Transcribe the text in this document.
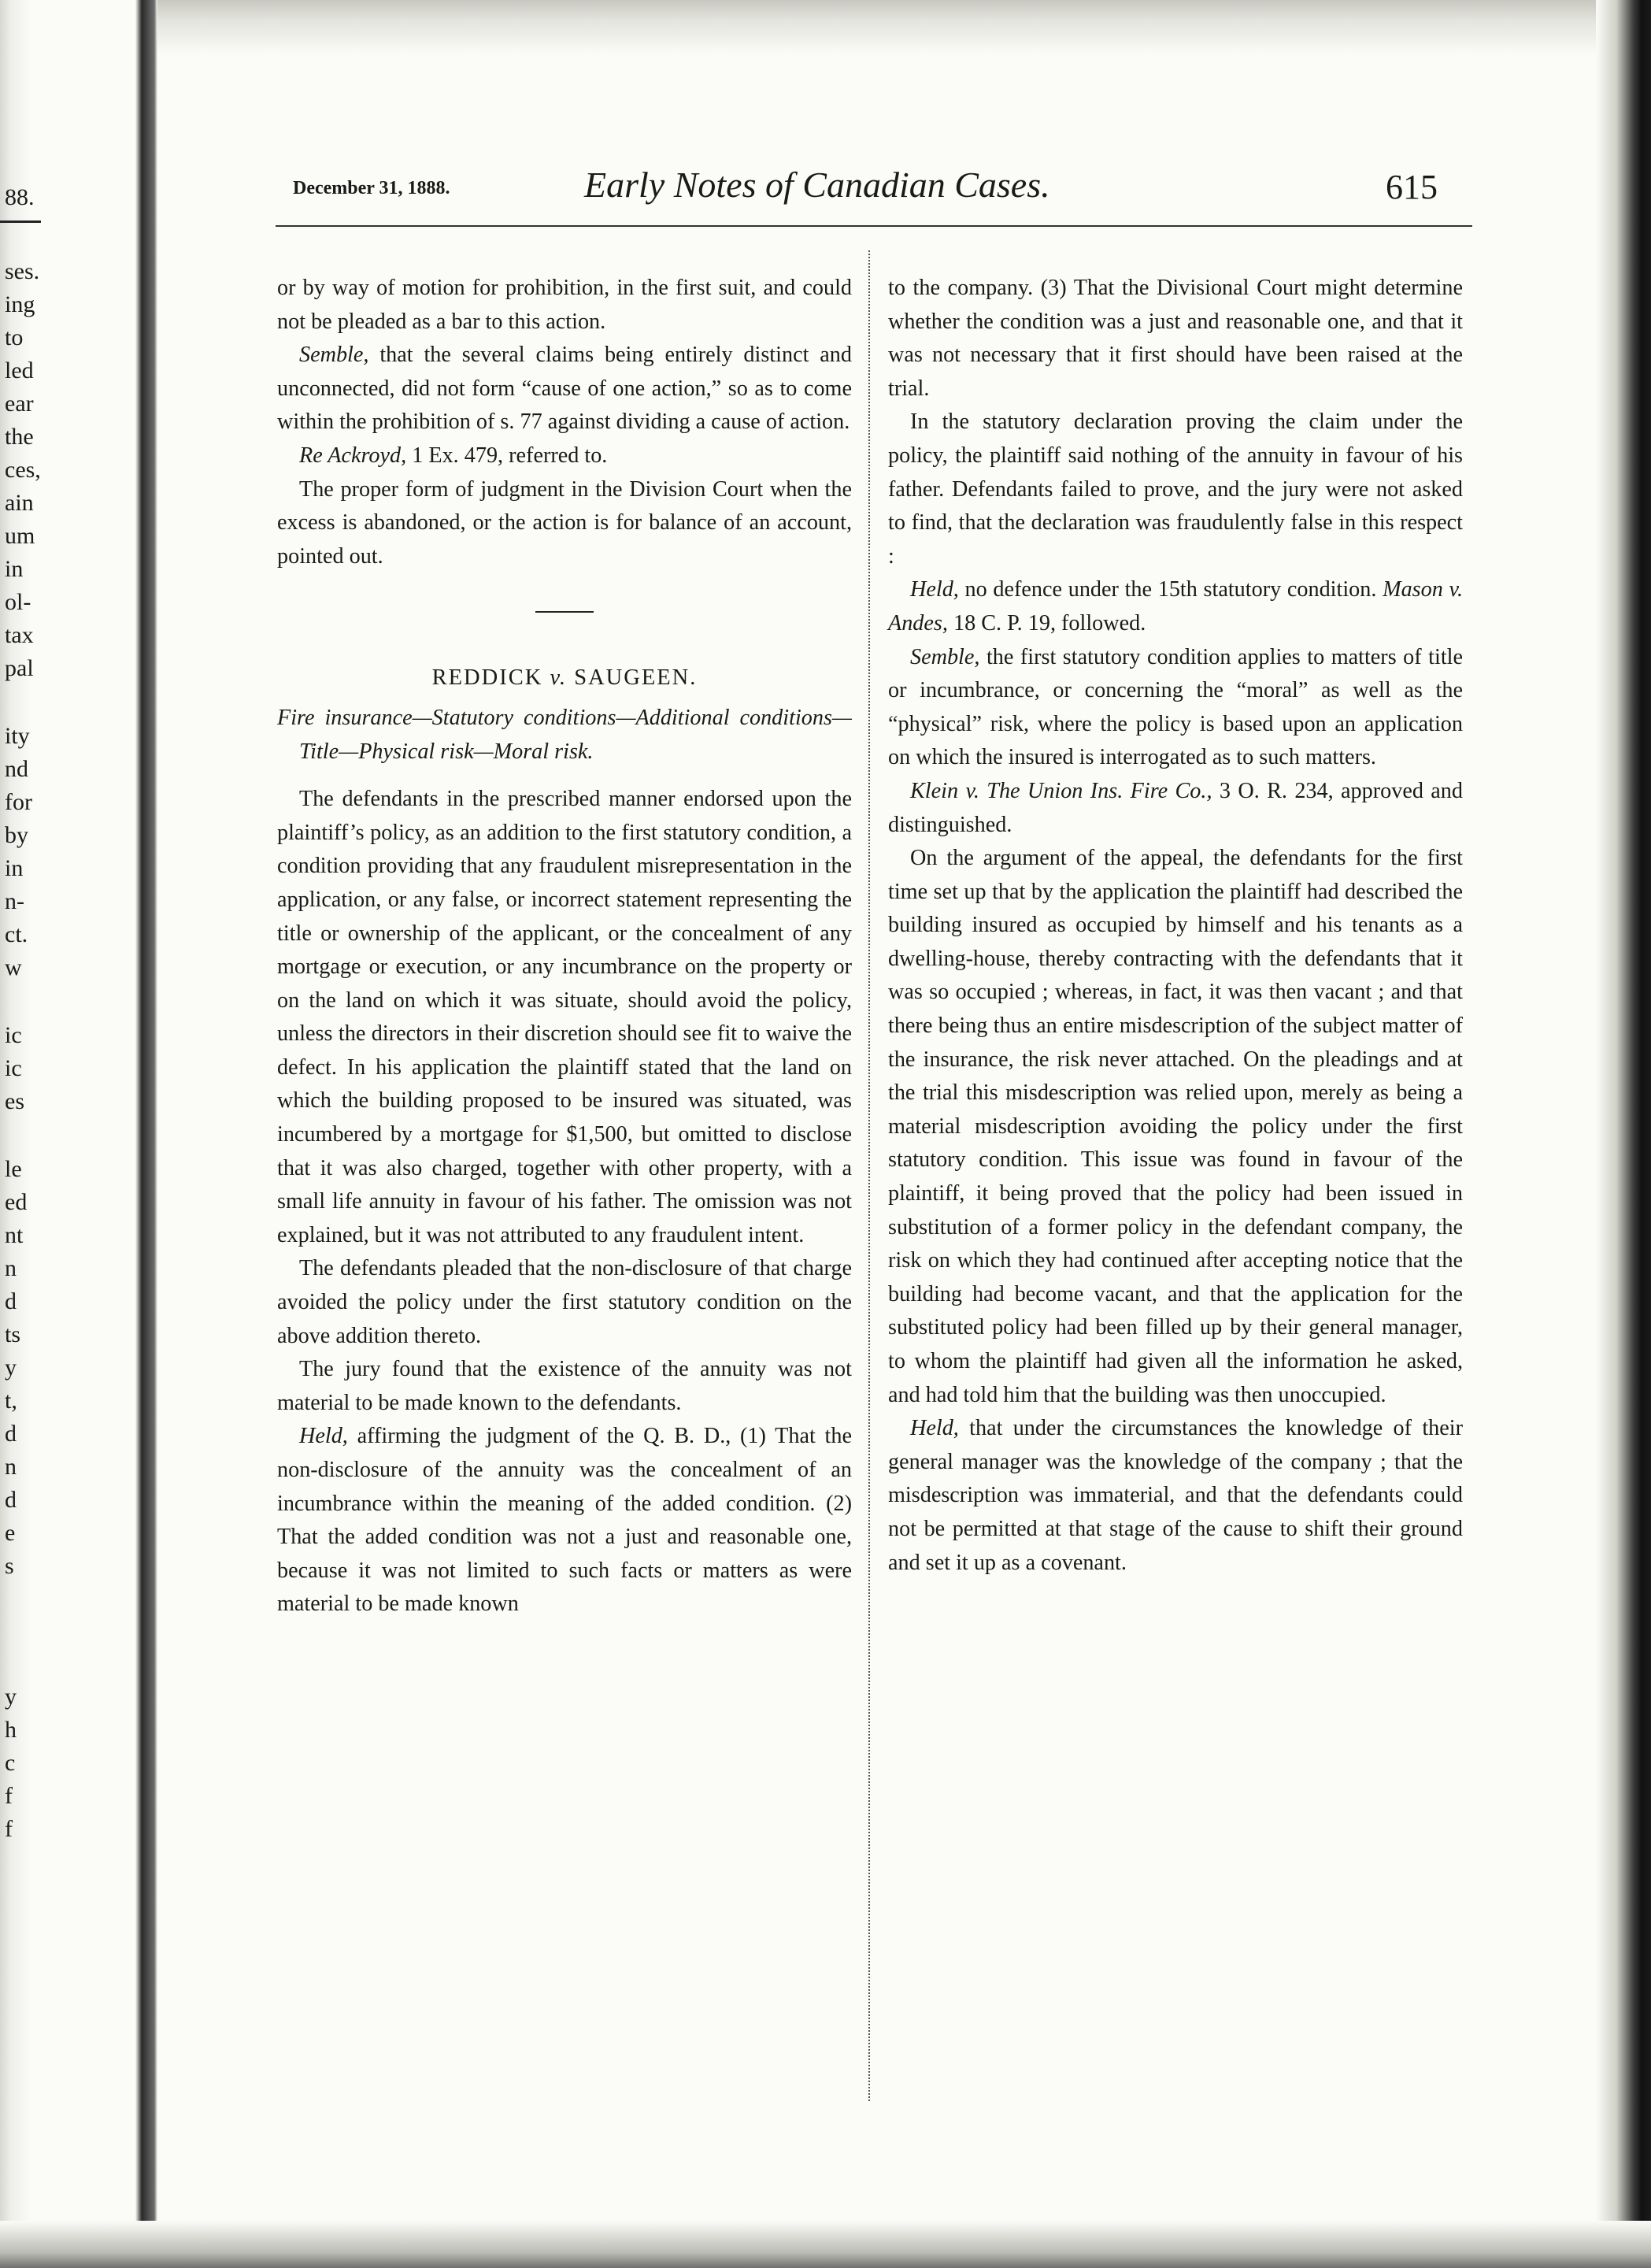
88.
ses.
ing
to
led
ear
the
ces,
ain
um
in
ol-
tax
pal
ity
nd
for
by
in
n-
ct.
w
ic
ic
es
le
ed
nt
n
d
ts
y
t,
d
n
d
e
s
y
h
c
f
f
December 31, 1888.	Early Notes of Canadian Cases.	615

or by way of motion for prohibition, in the first suit, and could not be pleaded as a bar to this action.

Semble, that the several claims being entirely distinct and unconnected, did not form “cause of one action,” so as to come within the prohibition of s. 77 against dividing a cause of action.

Re Ackroyd, 1 Ex. 479, referred to.

The proper form of judgment in the Division Court when the excess is abandoned, or the action is for balance of an account, pointed out.

REDDICK v. SAUGEEN.

Fire insurance—Statutory conditions—Additional conditions—Title—Physical risk—Moral risk.

The defendants in the prescribed manner endorsed upon the plaintiff’s policy, as an addition to the first statutory condition, a condition providing that any fraudulent misrepresentation in the application, or any false, or incorrect statement representing the title or ownership of the applicant, or the concealment of any mortgage or execution, or any incumbrance on the property or on the land on which it was situate, should avoid the policy, unless the directors in their discretion should see fit to waive the defect. In his application the plaintiff stated that the land on which the building proposed to be insured was situated, was incumbered by a mortgage for $1,500, but omitted to disclose that it was also charged, together with other property, with a small life annuity in favour of his father. The omission was not explained, but it was not attributed to any fraudulent intent.

The defendants pleaded that the non-disclosure of that charge avoided the policy under the first statutory condition on the above addition thereto.

The jury found that the existence of the annuity was not material to be made known to the defendants.

Held, affirming the judgment of the Q. B. D., (1) That the non-disclosure of the annuity was the concealment of an incumbrance within the meaning of the added condition. (2) That the added condition was not a just and reasonable one, because it was not limited to such facts or matters as were material to be made known

to the company. (3) That the Divisional Court might determine whether the condition was a just and reasonable one, and that it was not necessary that it first should have been raised at the trial.

In the statutory declaration proving the claim under the policy, the plaintiff said nothing of the annuity in favour of his father. Defendants failed to prove, and the jury were not asked to find, that the declaration was fraudulently false in this respect :

Held, no defence under the 15th statutory condition. Mason v. Andes, 18 C. P. 19, followed.

Semble, the first statutory condition applies to matters of title or incumbrance, or concerning the “moral” as well as the “physical” risk, where the policy is based upon an application on which the insured is interrogated as to such matters.

Klein v. The Union Ins. Fire Co., 3 O. R. 234, approved and distinguished.

On the argument of the appeal, the defendants for the first time set up that by the application the plaintiff had described the building insured as occupied by himself and his tenants as a dwelling-house, thereby contracting with the defendants that it was so occupied ; whereas, in fact, it was then vacant ; and that there being thus an entire misdescription of the subject matter of the insurance, the risk never attached. On the pleadings and at the trial this misdescription was relied upon, merely as being a material misdescription avoiding the policy under the first statutory condition. This issue was found in favour of the plaintiff, it being proved that the policy had been issued in substitution of a former policy in the defendant company, the risk on which they had continued after accepting notice that the building had become vacant, and that the application for the substituted policy had been filled up by their general manager, to whom the plaintiff had given all the information he asked, and had told him that the building was then unoccupied.

Held, that under the circumstances the knowledge of their general manager was the knowledge of the company ; that the misdescription was immaterial, and that the defendants could not be permitted at that stage of the cause to shift their ground and set it up as a covenant.
